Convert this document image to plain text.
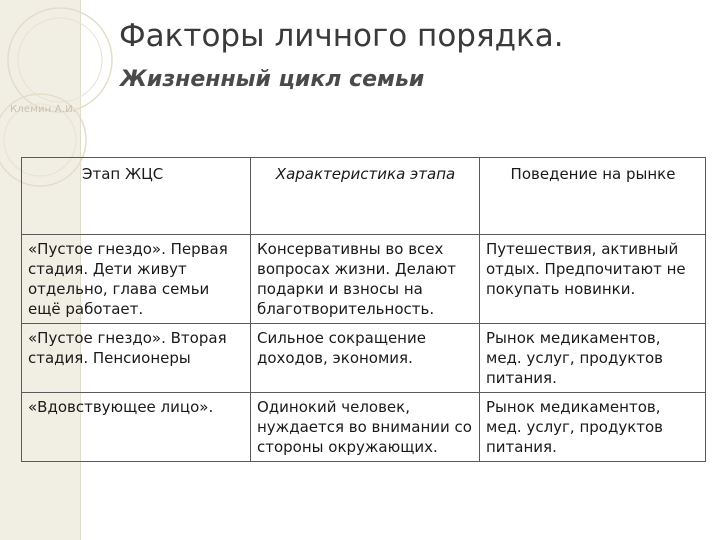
Клемин А.И.
Факторы личного порядка.
Жизненный цикл семьи
Этап ЖЦС	Характеристика этапа	Поведение на рынке
«Пустое гнездо». Первая стадия. Дети живут отдельно, глава семьи ещё работает.	Консервативны во всех вопросах жизни. Делают подарки и взносы на благотворительность.	Путешествия, активный отдых. Предпочитают не покупать новинки.
«Пустое гнездо». Вторая стадия. Пенсионеры	Сильное сокращение доходов, экономия.	Рынок медикаментов, мед. услуг, продуктов питания.
«Вдовствующее лицо».	Одинокий человек, нуждается во внимании со стороны окружающих.	Рынок медикаментов, мед. услуг, продуктов питания.
